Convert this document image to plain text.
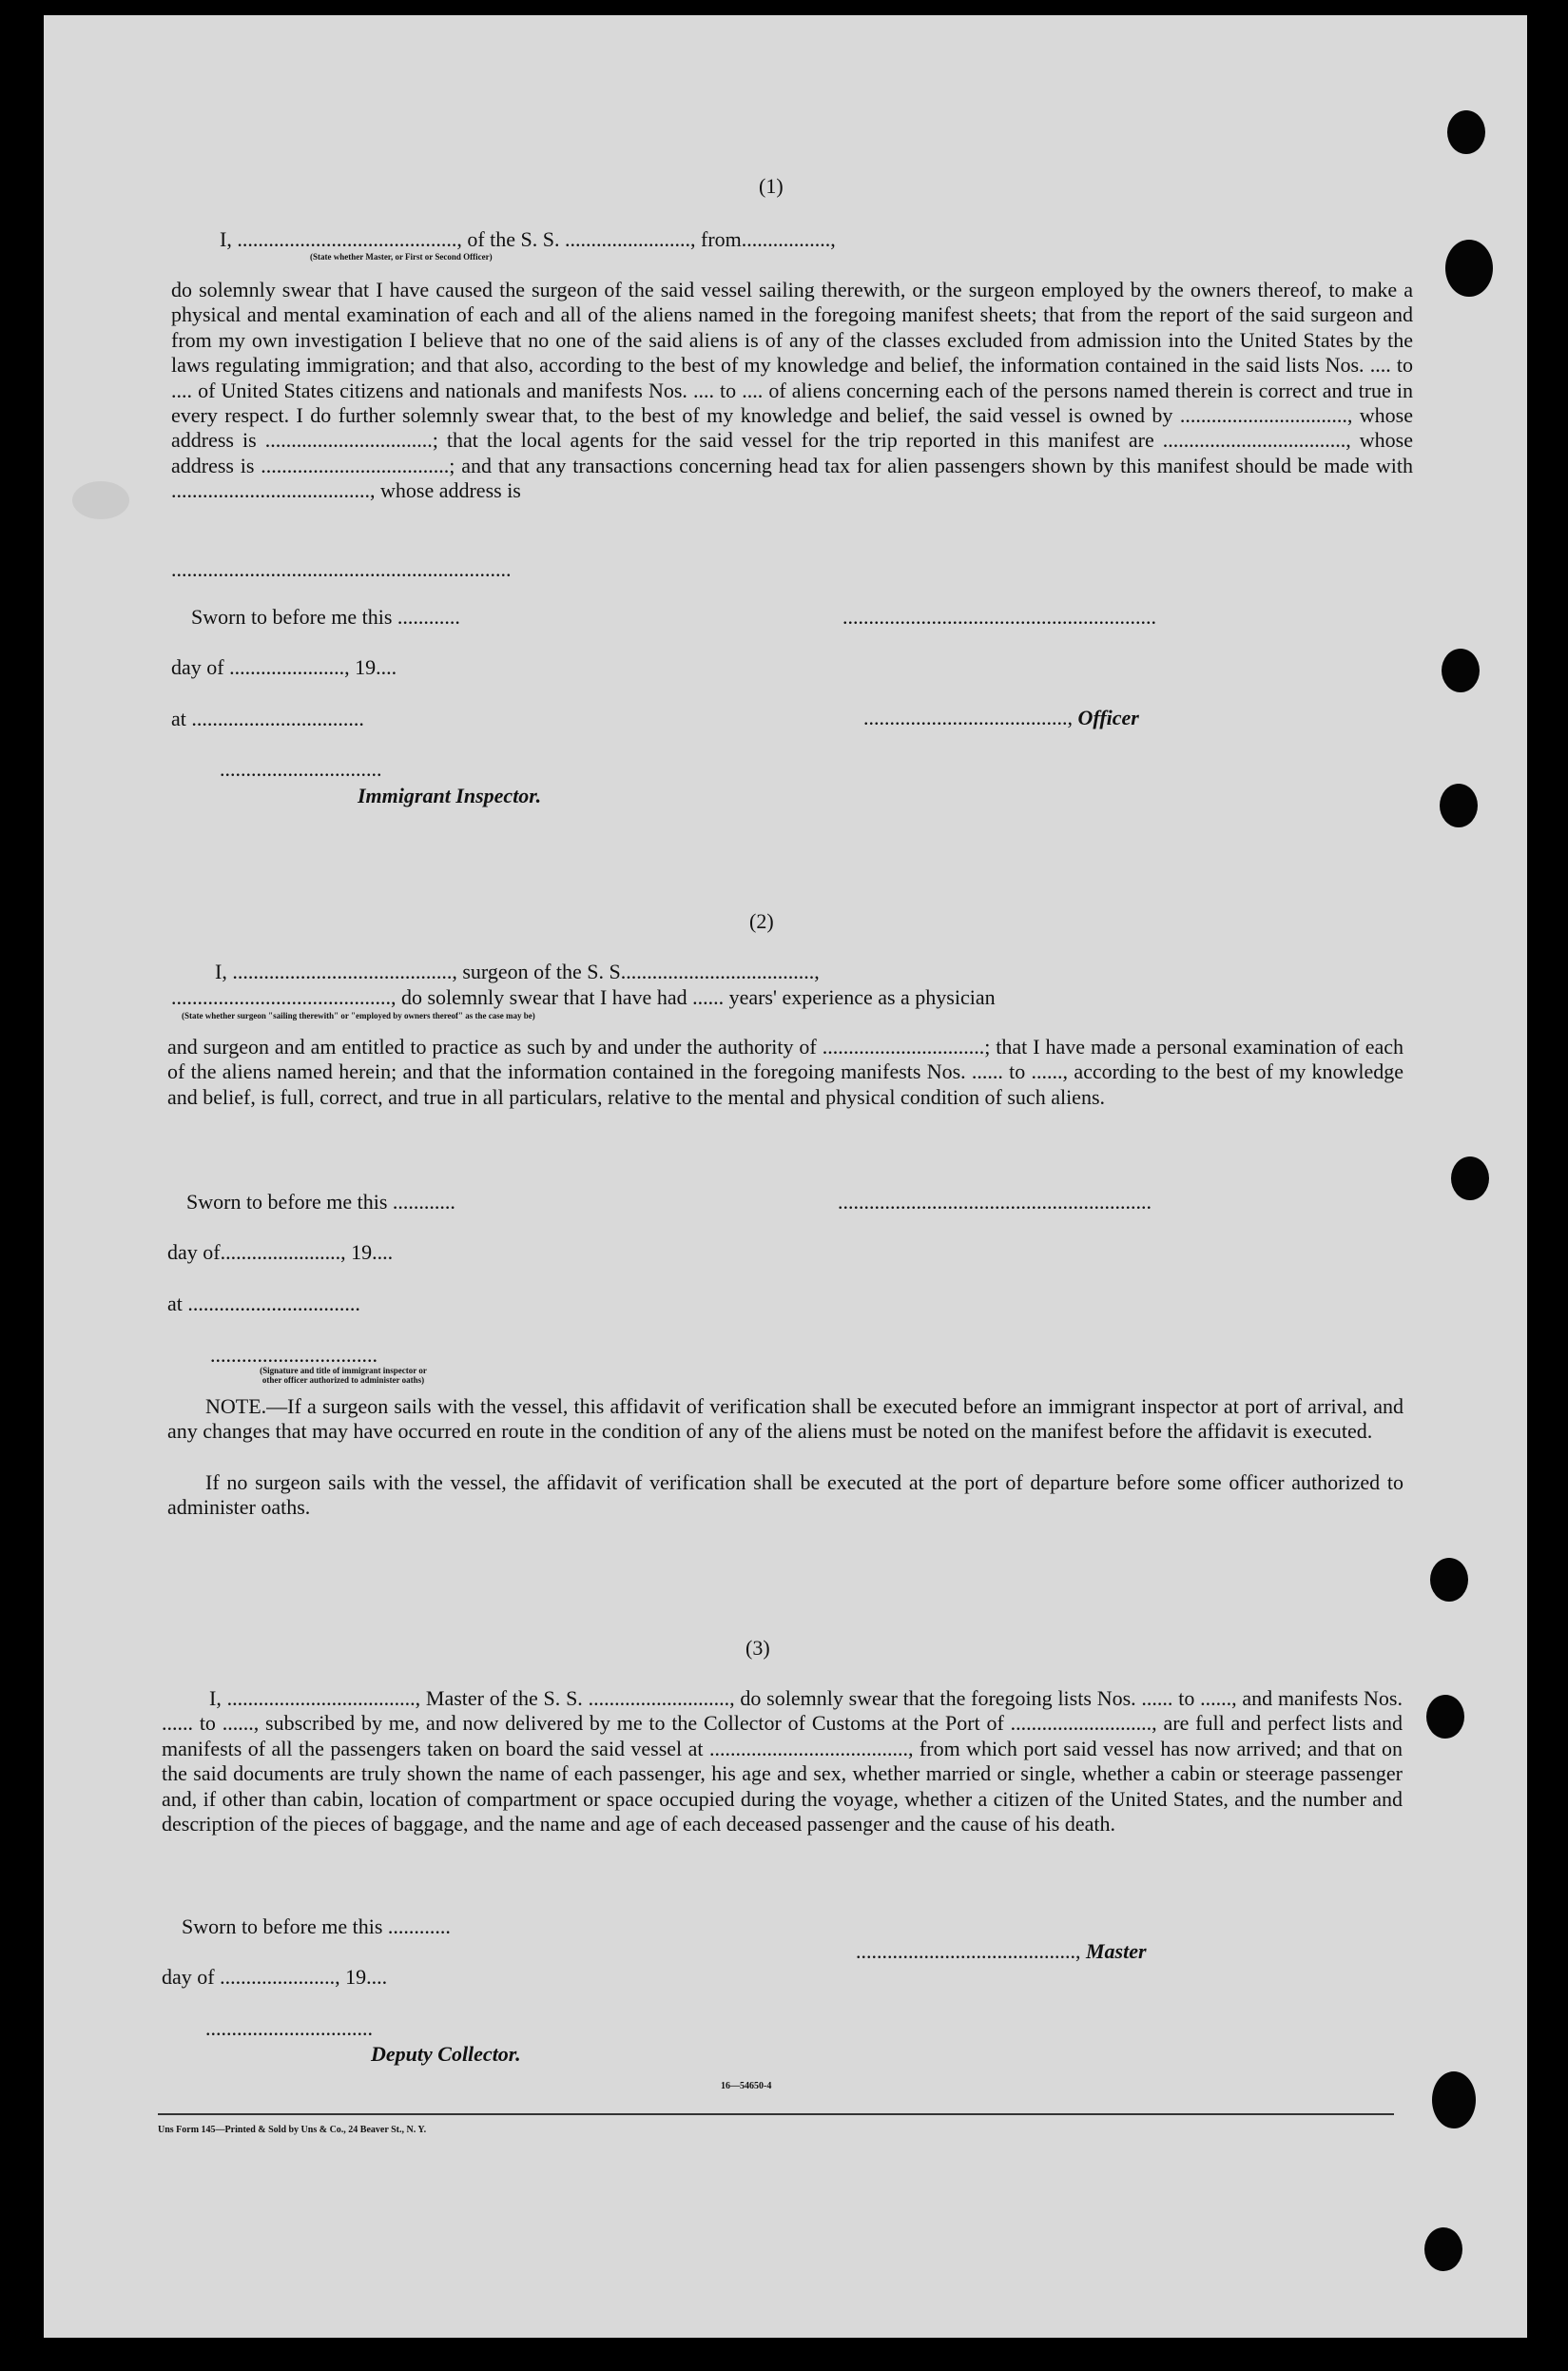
(1)
I, .........................................., of the S. S. ........................, from.................,
(State whether Master, or First or Second Officer)
do solemnly swear that I have caused the surgeon of the said vessel sailing therewith, or the surgeon employed by the owners thereof, to make a physical and mental examination of each and all of the aliens named in the foregoing manifest sheets; that from the report of the said surgeon and from my own investigation I believe that no one of the said aliens is of any of the classes excluded from admission into the United States by the laws regulating immigration; and that also, according to the best of my knowledge and belief, the information contained in the said lists Nos. .... to .... of United States citizens and nationals and manifests Nos. .... to .... of aliens concerning each of the persons named therein is correct and true in every respect. I do further solemnly swear that, to the best of my knowledge and belief, the said vessel is owned by ................................, whose address is ................................; that the local agents for the said vessel for the trip reported in this manifest are ..................................., whose address is ....................................; and that any transactions concerning head tax for alien passengers shown by this manifest should be made with ......................................, whose address is
.................................................................
Sworn to before me this ............	............................................................
day of ......................, 19....

......................................., Officer

at .................................
...............................
Immigrant Inspector.
(2)
I, .........................................., surgeon of the S. S.....................................,
.........................................., do solemnly swear that I have had ...... years' experience as a physician
(State whether surgeon "sailing therewith" or "employed by owners thereof" as the case may be)
and surgeon and am entitled to practice as such by and under the authority of ...............................; that I have made a personal examination of each of the aliens named herein; and that the information contained in the foregoing manifests Nos. ...... to ......, according to the best of my knowledge and belief, is full, correct, and true in all particulars, relative to the mental and physical condition of such aliens.
Sworn to before me this ............	............................................................
day of......................., 19....
at .................................
................................
(Signature and title of immigrant inspector or
other officer authorized to administer oaths)
NOTE.—If a surgeon sails with the vessel, this affidavit of verification shall be executed before an immigrant inspector at port of arrival, and any changes that may have occurred en route in the condition of any of the aliens must be noted on the manifest before the affidavit is executed.
If no surgeon sails with the vessel, the affidavit of verification shall be executed at the port of departure before some officer authorized to administer oaths.
(3)
I, ...................................., Master of the S. S. ..........................., do solemnly swear that the foregoing lists Nos. ...... to ......, and manifests Nos. ...... to ......, subscribed by me, and now delivered by me to the Collector of Customs at the Port of ..........................., are full and perfect lists and manifests of all the passengers taken on board the said vessel at ......................................, from which port said vessel has now arrived; and that on the said documents are truly shown the name of each passenger, his age and sex, whether married or single, whether a cabin or steerage passenger and, if other than cabin, location of compartment or space occupied during the voyage, whether a citizen of the United States, and the number and description of the pieces of baggage, and the name and age of each deceased passenger and the cause of his death.
Sworn to before me this ............

.........................................., Master

day of ......................, 19....
................................
Deputy Collector.
16—54650-4
Uns Form 145—Printed & Sold by Uns & Co., 24 Beaver St., N. Y.
